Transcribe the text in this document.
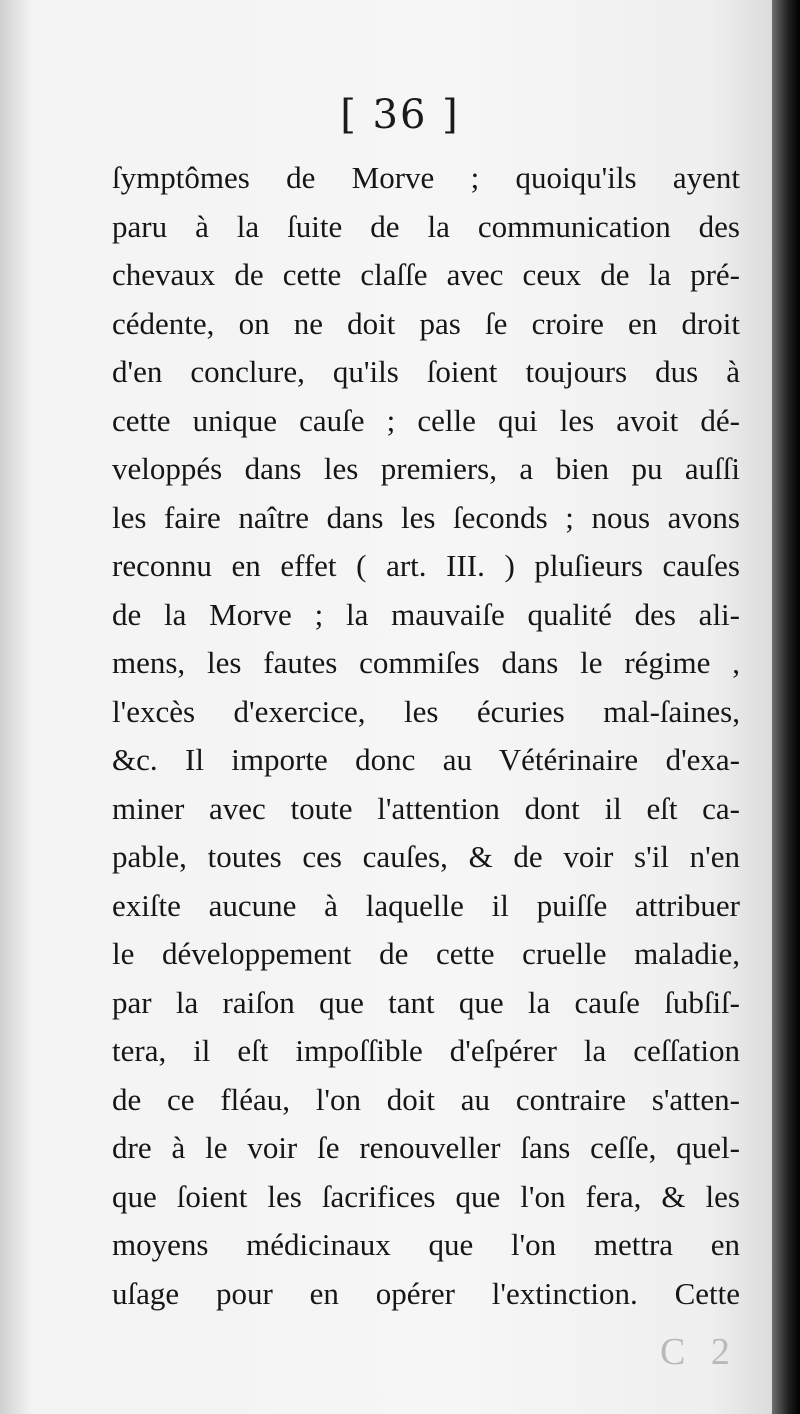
[ 36 ]
ſymptômes de Morve ; quoiqu'ils ayent
paru à la ſuite de la communication des
chevaux de cette claſſe avec ceux de la pré-
cédente, on ne doit pas ſe croire en droit
d'en conclure, qu'ils ſoient toujours dus à
cette unique cauſe ; celle qui les avoit dé-
veloppés dans les premiers, a bien pu auſſi
les faire naître dans les ſeconds ; nous avons
reconnu en effet ( art. III. ) pluſieurs cauſes
de la Morve ; la mauvaiſe qualité des ali-
mens, les fautes commiſes dans le régime ,
l'excès d'exercice, les écuries mal-ſaines,
&c. Il importe donc au Vétérinaire d'exa-
miner avec toute l'attention dont il eſt ca-
pable, toutes ces cauſes, & de voir s'il n'en
exiſte aucune à laquelle il puiſſe attribuer
le développement de cette cruelle maladie,
par la raiſon que tant que la cauſe ſubſiſ-
tera, il eſt impoſſible d'eſpérer la ceſſation
de ce fléau, l'on doit au contraire s'atten-
dre à le voir ſe renouveller ſans ceſſe, quel-
que ſoient les ſacrifices que l'on fera, & les
moyens médicinaux que l'on mettra en
uſage pour en opérer l'extinction. Cette
C 2
